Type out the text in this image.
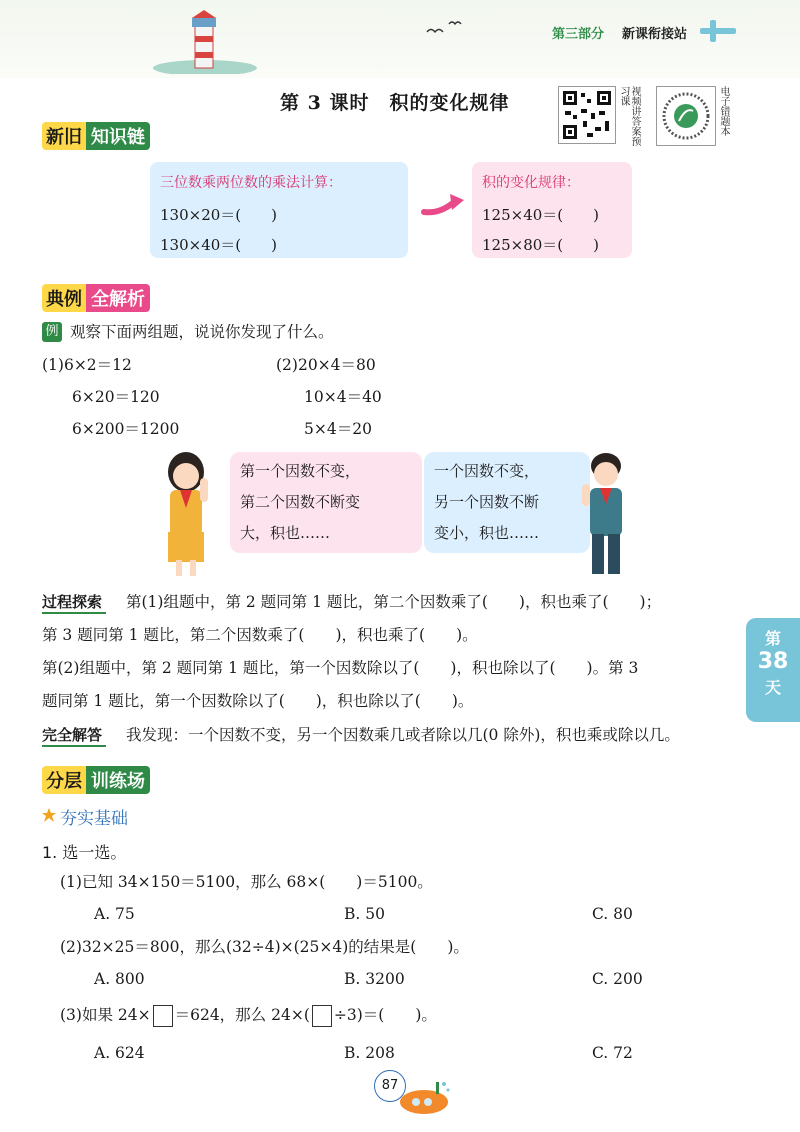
第三部分 新课衔接站
第 3 课时　积的变化规律	视频讲答案预习课	电子错题本
新旧 知识链
三位数乘两位数的乘法计算：
130×20＝(　　)
130×40＝(　　)
积的变化规律：
125×40＝(　　)
125×80＝(　　)
典例 全解析
例 观察下面两组题，说说你发现了什么。
(1)6×2＝12
6×20＝120
6×200＝1200
(2)20×4＝80
10×4＝40
5×4＝20
第一个因数不变，
第二个因数不断变
大，积也……
一个因数不变，
另一个因数不断
变小，积也……
过程探索 第(1)组题中，第 2 题同第 1 题比，第二个因数乘了(　　)，积也乘了(　　)；
第 3 题同第 1 题比，第二个因数乘了(　　)，积也乘了(　　)。
第(2)组题中，第 2 题同第 1 题比，第一个因数除以了(　　)，积也除以了(　　)。第 3
题同第 1 题比，第一个因数除以了(　　)，积也除以了(　　)。
完全解答 我发现：一个因数不变，另一个因数乘几或者除以几(0 除外)，积也乘或除以几。
分层 训练场
夯实基础
1. 选一选。
(1)已知 34×150＝5100，那么 68×(　　)＝5100。
A. 75	B. 50	C. 80
(2)32×25＝800，那么(32÷4)×(25×4)的结果是(　　)。
A. 800	B. 3200	C. 200
(3)如果 24× ＝624，那么 24×( ÷3)＝(　　)。
A. 624	B. 208	C. 72
第
38
天
87
